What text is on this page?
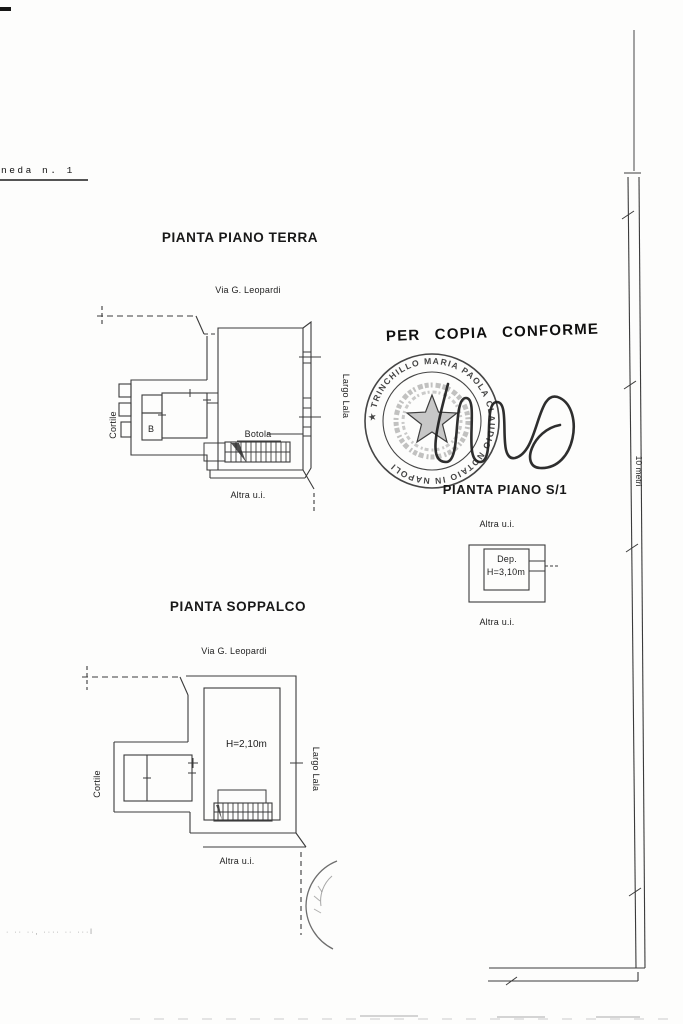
★ TRINCHILLO MARIA PAOLA CLAUDIO NOTAIO IN NAPOLI
neda n. 1
PIANTA PIANO TERRA
Via G. Leopardi
Cortile
Largo Lala
B	Botola
Altra u.i.
PER COPIA CONFORME
PIANTA PIANO S/1
Altra u.i.
Dep.
H=3,10m
Altra u.i.
PIANTA SOPPALCO
Via G. Leopardi
Cortile	Largo Lala
H=2,10m
Altra u.i.
10 metri
· ·· ··, ···· ·· ···l
